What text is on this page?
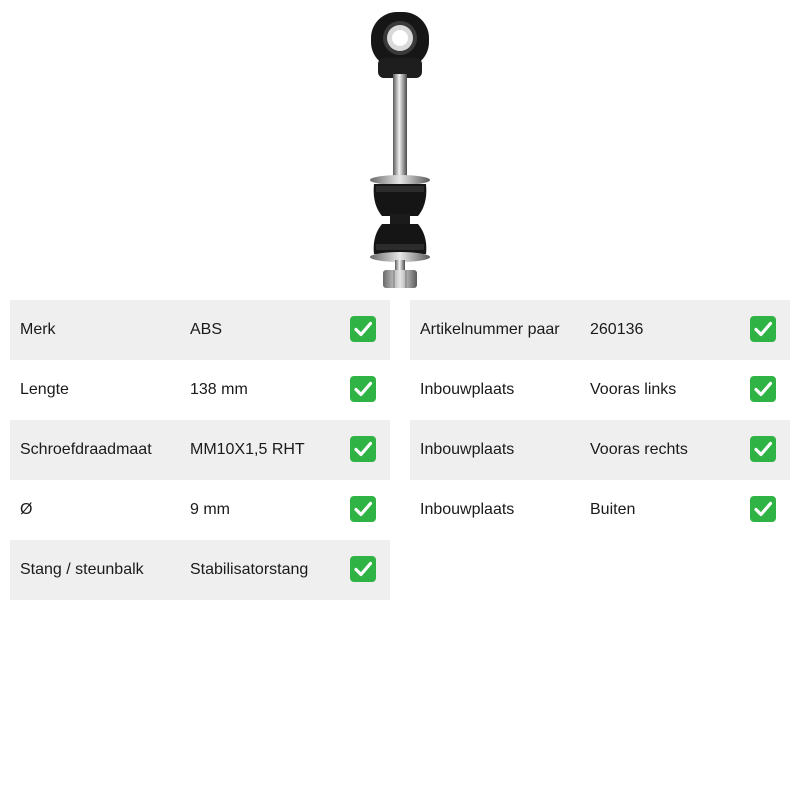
Merk	ABS
Lengte	138 mm
Schroefdraadmaat MM10X1,5 RHT
Ø	9 mm
Stang / steunbalk	Stabilisatorstang
Artikelnummer paar 260136
Inbouwplaats	Vooras links
Inbouwplaats	Vooras rechts
Inbouwplaats	Buiten
